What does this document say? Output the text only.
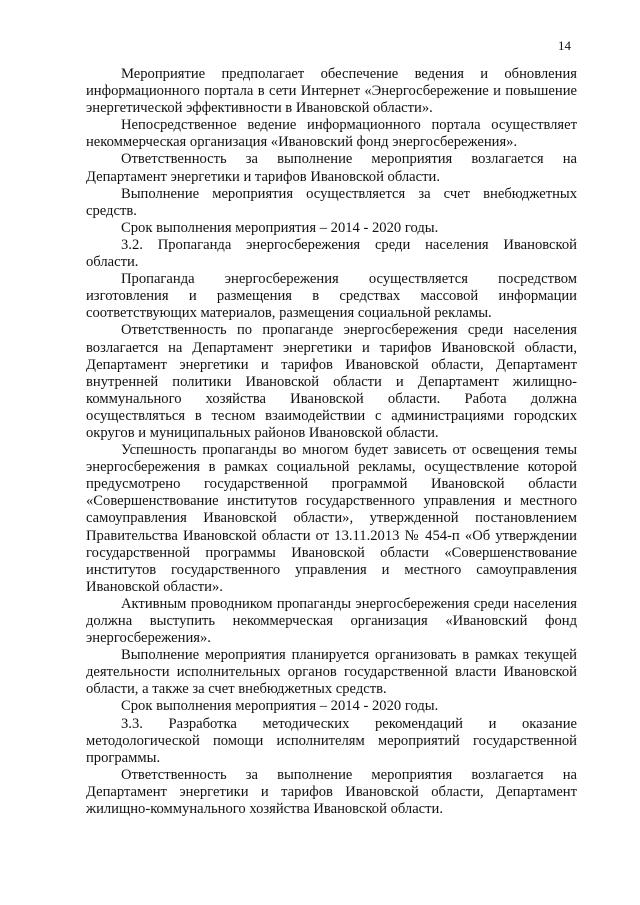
14

Мероприятие предполагает обеспечение ведения и обновления информационного портала в сети Интернет «Энергосбережение и повышение энергетической эффективности в Ивановской области».

Непосредственное ведение информационного портала осуществляет некоммерческая организация «Ивановский фонд энергосбережения».

Ответственность за выполнение мероприятия возлагается на Департамент энергетики и тарифов Ивановской области.

Выполнение мероприятия осуществляется за счет внебюджетных средств.

Срок выполнения мероприятия – 2014 - 2020 годы.

3.2. Пропаганда энергосбережения среди населения Ивановской области.

Пропаганда энергосбережения осуществляется посредством изготовления и размещения в средствах массовой информации соответствующих материалов, размещения социальной рекламы.

Ответственность по пропаганде энергосбережения среди населения возлагается на Департамент энергетики и тарифов Ивановской области, Департамент энергетики и тарифов Ивановской области, Департамент внутренней политики Ивановской области и Департамент жилищно-коммунального хозяйства Ивановской области. Работа должна осуществляться в тесном взаимодействии с администрациями городских округов и муниципальных районов Ивановской области.

Успешность пропаганды во многом будет зависеть от освещения темы энергосбережения в рамках социальной рекламы, осуществление которой предусмотрено государственной программой Ивановской области «Совершенствование институтов государственного управления и местного самоуправления Ивановской области», утвержденной постановлением Правительства Ивановской области от 13.11.2013 № 454-п «Об утверждении государственной программы Ивановской области «Совершенствование институтов государственного управления и местного самоуправления Ивановской области».

Активным проводником пропаганды энергосбережения среди населения должна выступить некоммерческая организация «Ивановский фонд энергосбережения».

Выполнение мероприятия планируется организовать в рамках текущей деятельности исполнительных органов государственной власти Ивановской области, а также за счет внебюджетных средств.

Срок выполнения мероприятия – 2014 - 2020 годы.

3.3. Разработка методических рекомендаций и оказание методологической помощи исполнителям мероприятий государственной программы.

Ответственность за выполнение мероприятия возлагается на Департамент энергетики и тарифов Ивановской области, Департамент жилищно-коммунального хозяйства Ивановской области.
